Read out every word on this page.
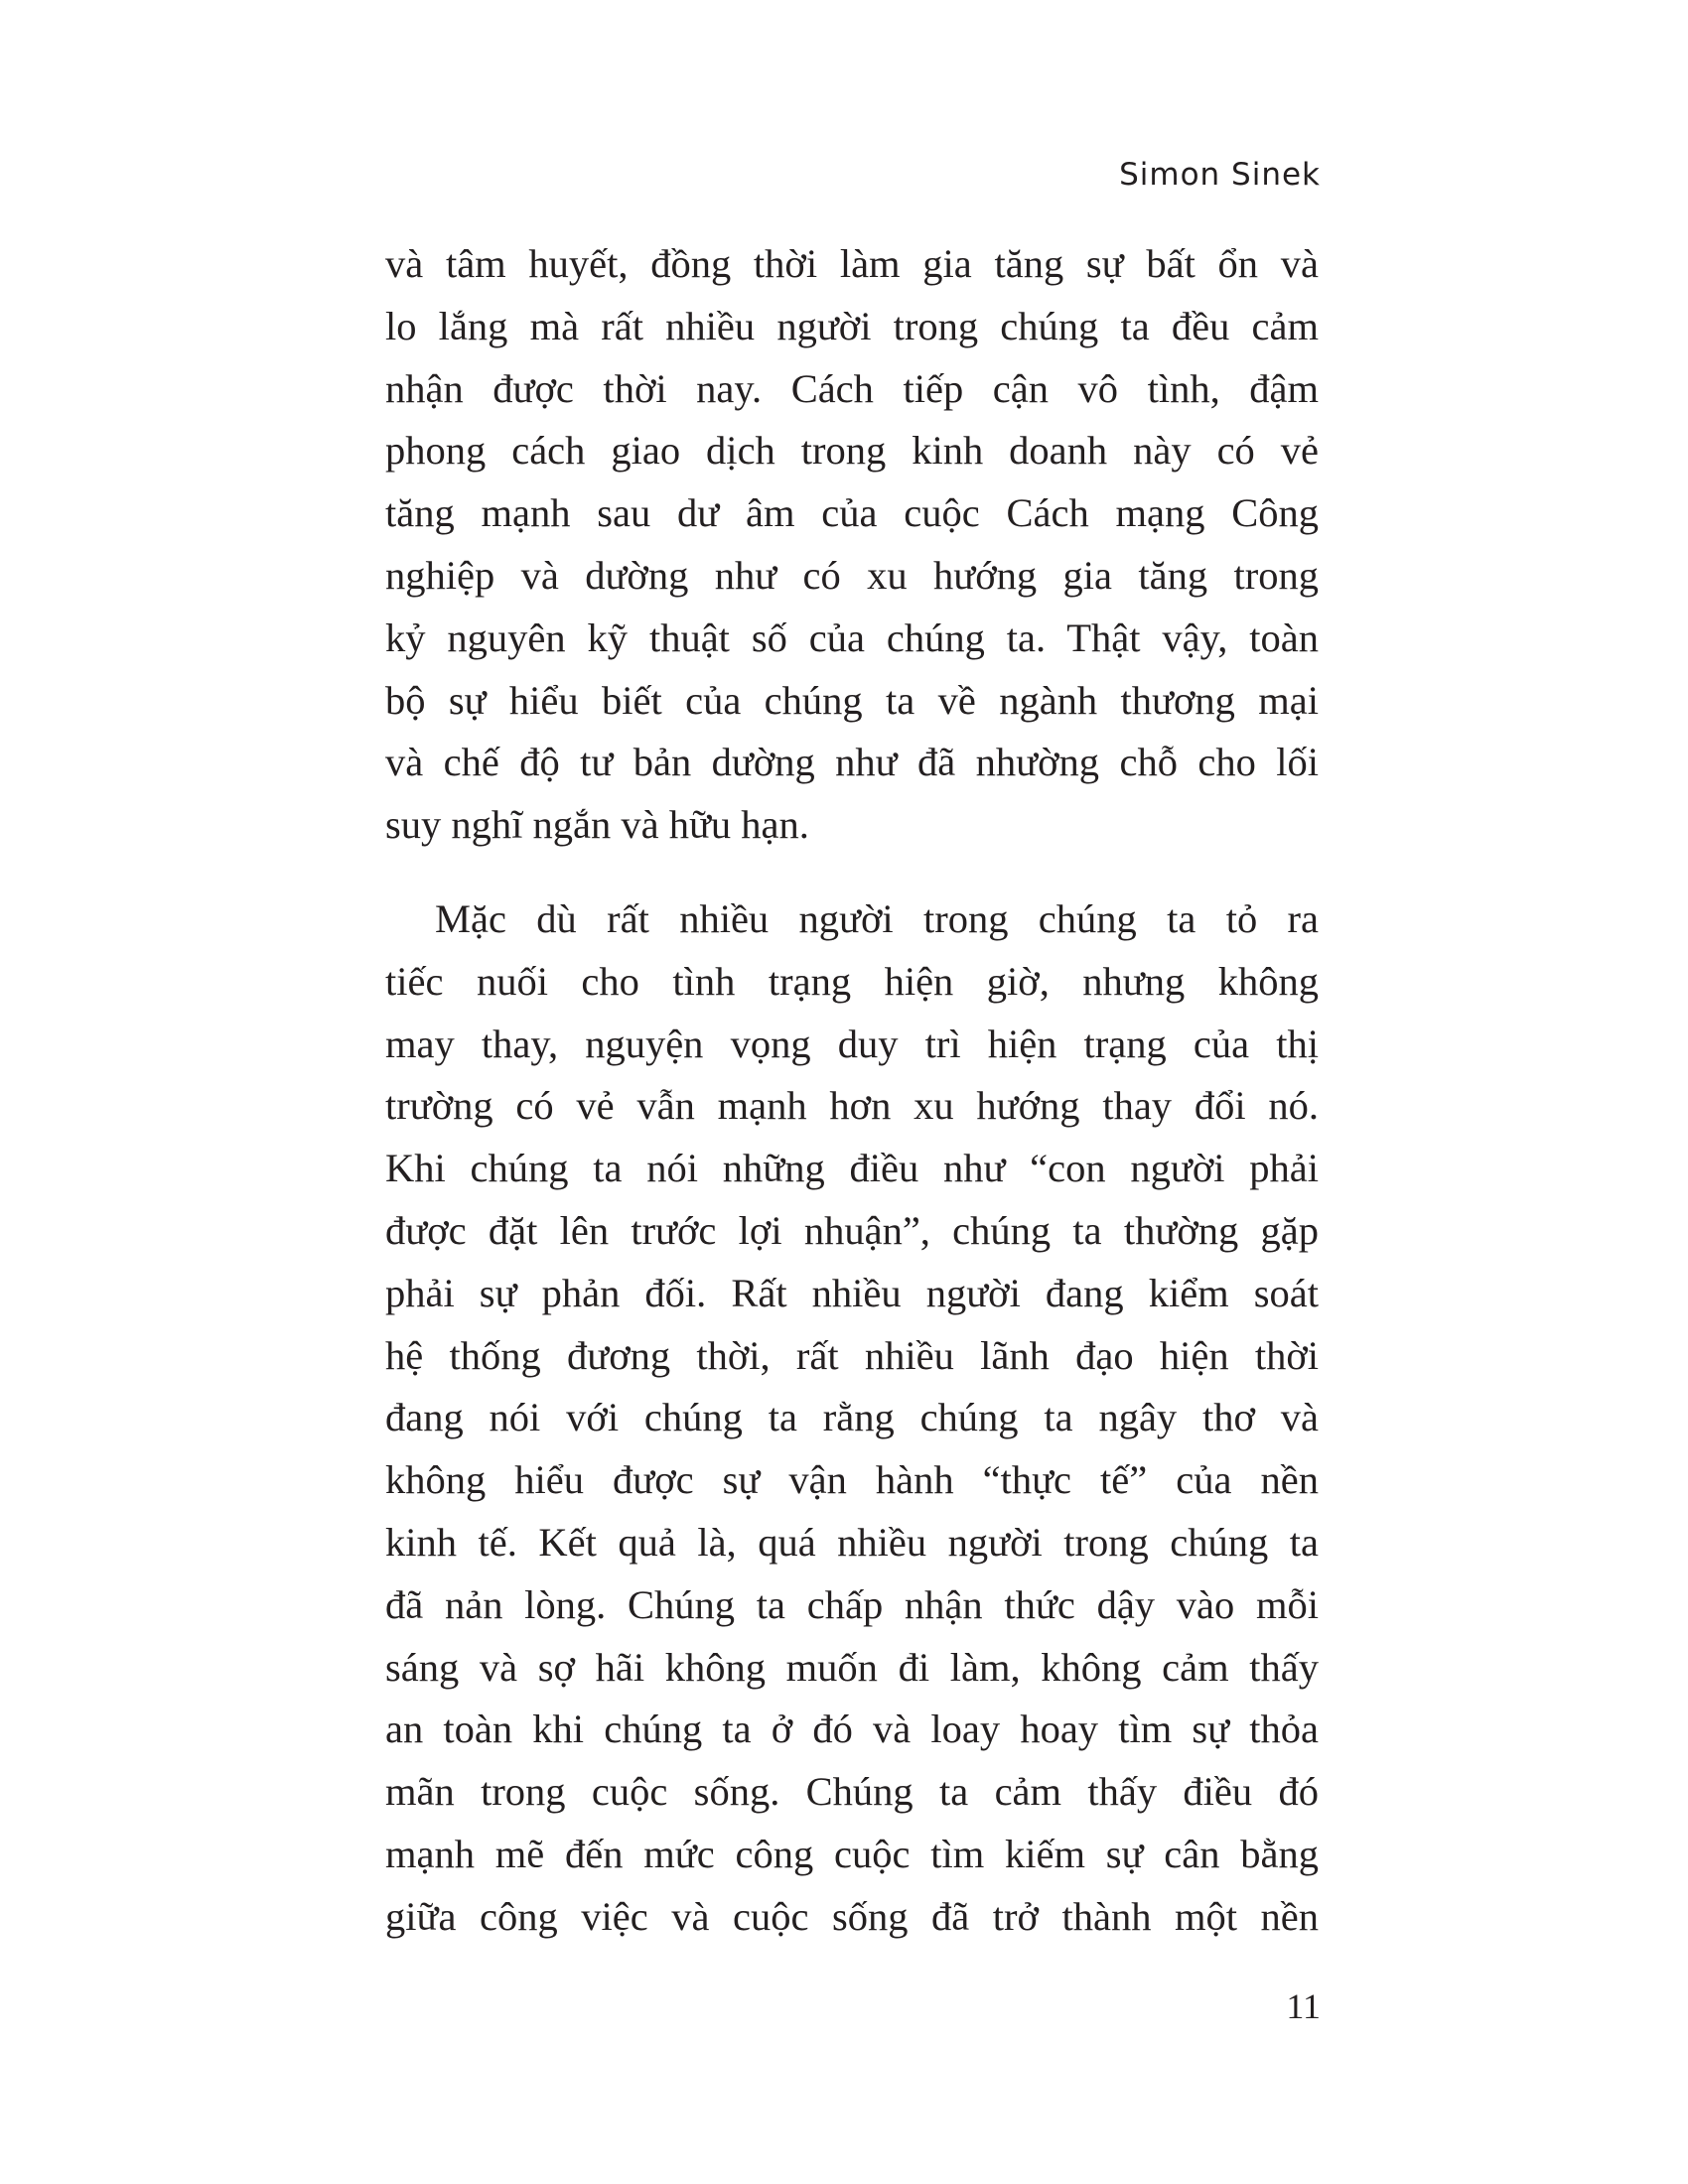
Simon Sinek

và tâm huyết, đồng thời làm gia tăng sự bất ổn và
lo lắng mà rất nhiều người trong chúng ta đều cảm
nhận được thời nay. Cách tiếp cận vô tình, đậm
phong cách giao dịch trong kinh doanh này có vẻ
tăng mạnh sau dư âm của cuộc Cách mạng Công
nghiệp và dường như có xu hướng gia tăng trong
kỷ nguyên kỹ thuật số của chúng ta. Thật vậy, toàn
bộ sự hiểu biết của chúng ta về ngành thương mại
và chế độ tư bản dường như đã nhường chỗ cho lối
suy nghĩ ngắn và hữu hạn.

Mặc dù rất nhiều người trong chúng ta tỏ ra
tiếc nuối cho tình trạng hiện giờ, nhưng không
may thay, nguyện vọng duy trì hiện trạng của thị
trường có vẻ vẫn mạnh hơn xu hướng thay đổi nó.
Khi chúng ta nói những điều như “con người phải
được đặt lên trước lợi nhuận”, chúng ta thường gặp
phải sự phản đối. Rất nhiều người đang kiểm soát
hệ thống đương thời, rất nhiều lãnh đạo hiện thời
đang nói với chúng ta rằng chúng ta ngây thơ và
không hiểu được sự vận hành “thực tế” của nền
kinh tế. Kết quả là, quá nhiều người trong chúng ta
đã nản lòng. Chúng ta chấp nhận thức dậy vào mỗi
sáng và sợ hãi không muốn đi làm, không cảm thấy
an toàn khi chúng ta ở đó và loay hoay tìm sự thỏa
mãn trong cuộc sống. Chúng ta cảm thấy điều đó
mạnh mẽ đến mức công cuộc tìm kiếm sự cân bằng
giữa công việc và cuộc sống đã trở thành một nền

11
